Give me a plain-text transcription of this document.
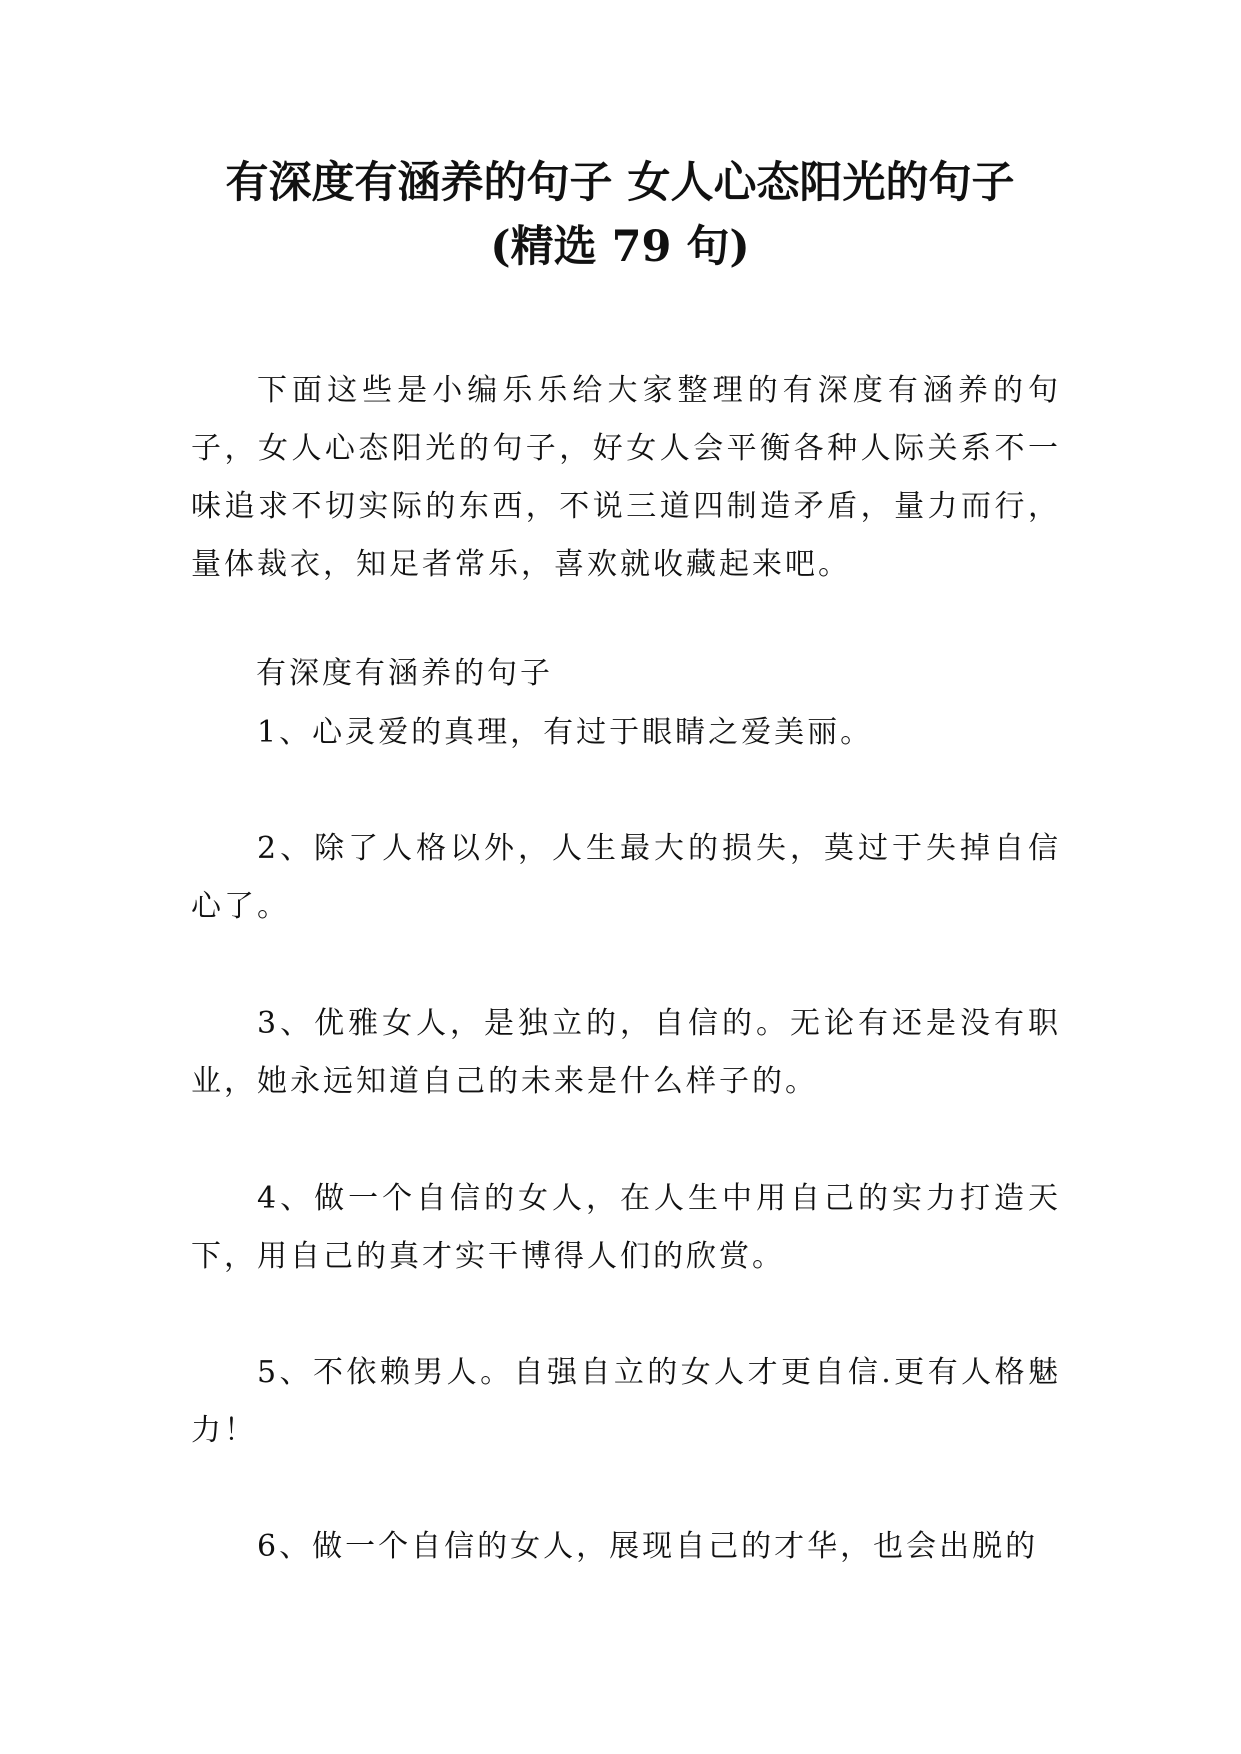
有深度有涵养的句子 女人心态阳光的句子
(精选 79 句)

下面这些是小编乐乐给大家整理的有深度有涵养的句子，女人心态阳光的句子，好女人会平衡各种人际关系不一味追求不切实际的东西，不说三道四制造矛盾，量力而行，量体裁衣，知足者常乐，喜欢就收藏起来吧。

有深度有涵养的句子

1、心灵爱的真理，有过于眼睛之爱美丽。

2、除了人格以外，人生最大的损失，莫过于失掉自信心了。

3、优雅女人，是独立的，自信的。无论有还是没有职业，她永远知道自己的未来是什么样子的。

4、做一个自信的女人，在人生中用自己的实力打造天下，用自己的真才实干博得人们的欣赏。

5、不依赖男人。自强自立的女人才更自信.更有人格魅力！

6、做一个自信的女人，展现自己的才华，也会出脱的
